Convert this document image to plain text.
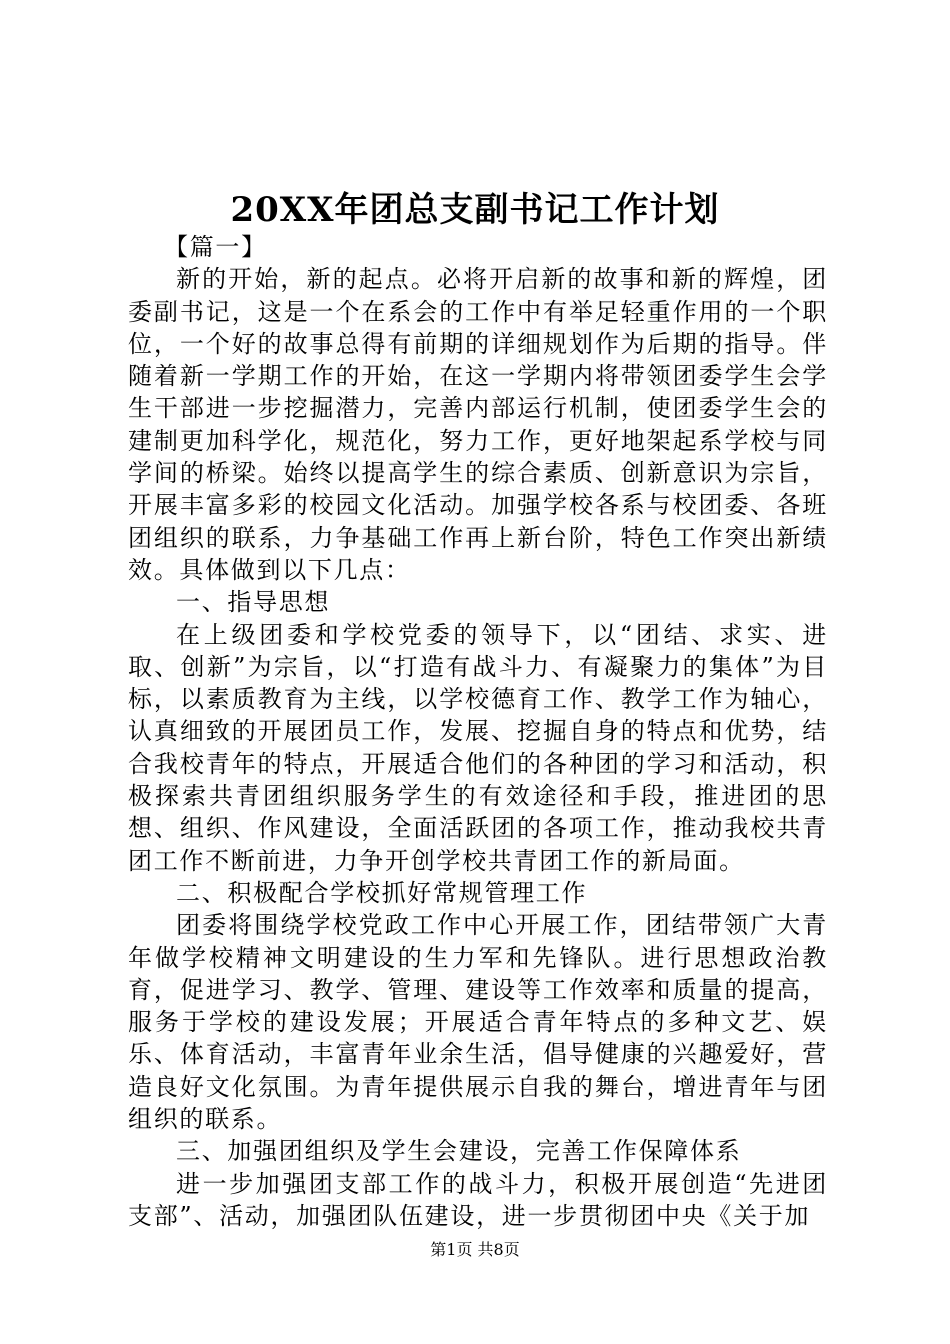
20XX年团总支副书记工作计划

【篇一】

新的开始，新的起点。必将开启新的故事和新的辉煌，团委副书记，这是一个在系会的工作中有举足轻重作用的一个职位，一个好的故事总得有前期的详细规划作为后期的指导。伴随着新一学期工作的开始，在这一学期内将带领团委学生会学生干部进一步挖掘潜力，完善内部运行机制，使团委学生会的建制更加科学化，规范化，努力工作，更好地架起系学校与同学间的桥梁。始终以提高学生的综合素质、创新意识为宗旨，开展丰富多彩的校园文化活动。加强学校各系与校团委、各班团组织的联系，力争基础工作再上新台阶，特色工作突出新绩效。具体做到以下几点：

一、指导思想

在上级团委和学校党委的领导下，以“团结、求实、进取、创新”为宗旨，以“打造有战斗力、有凝聚力的集体”为目标，以素质教育为主线，以学校德育工作、教学工作为轴心，认真细致的开展团员工作，发展、挖掘自身的特点和优势，结合我校青年的特点，开展适合他们的各种团的学习和活动，积极探索共青团组织服务学生的有效途径和手段，推进团的思想、组织、作风建设，全面活跃团的各项工作，推动我校共青团工作不断前进，力争开创学校共青团工作的新局面。

二、积极配合学校抓好常规管理工作

团委将围绕学校党政工作中心开展工作，团结带领广大青年做学校精神文明建设的生力军和先锋队。进行思想政治教育，促进学习、教学、管理、建设等工作效率和质量的提高，服务于学校的建设发展；开展适合青年特点的多种文艺、娱乐、体育活动，丰富青年业余生活，倡导健康的兴趣爱好，营造良好文化氛围。为青年提供展示自我的舞台，增进青年与团组织的联系。

三、加强团组织及学生会建设，完善工作保障体系

进一步加强团支部工作的战斗力，积极开展创造“先进团支部”、活动，加强团队伍建设，进一步贯彻团中央《关于加

第1页 共8页
